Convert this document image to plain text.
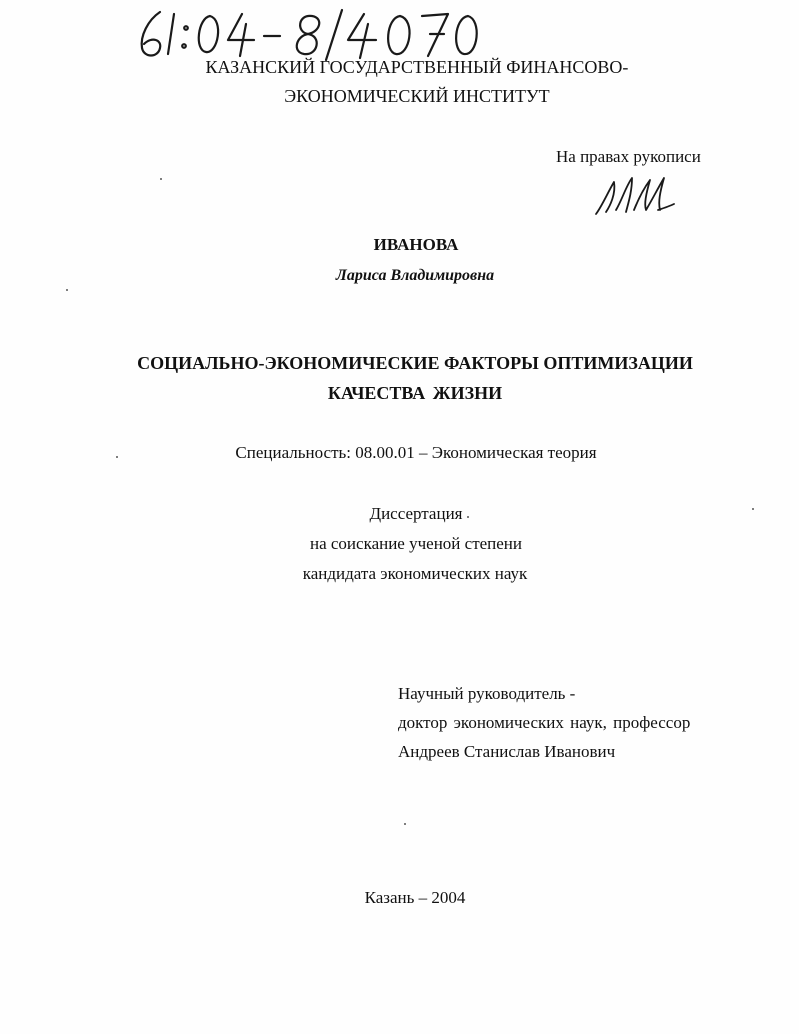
КАЗАНСКИЙ ГОСУДАРСТВЕННЫЙ ФИНАНСОВО-
ЭКОНОМИЧЕСКИЙ ИНСТИТУТ
На правах рукописи
ИВАНОВА
Лариса Владимировна
СОЦИАЛЬНО-ЭКОНОМИЧЕСКИЕ ФАКТОРЫ ОПТИМИЗАЦИИ
КАЧЕСТВА ЖИЗНИ
Специальность: 08.00.01 – Экономическая теория
Диссертация
на соискание ученой степени
кандидата экономических наук
Научный руководитель -
доктор экономических наук, профессор
Андреев Станислав Иванович
Казань – 2004
